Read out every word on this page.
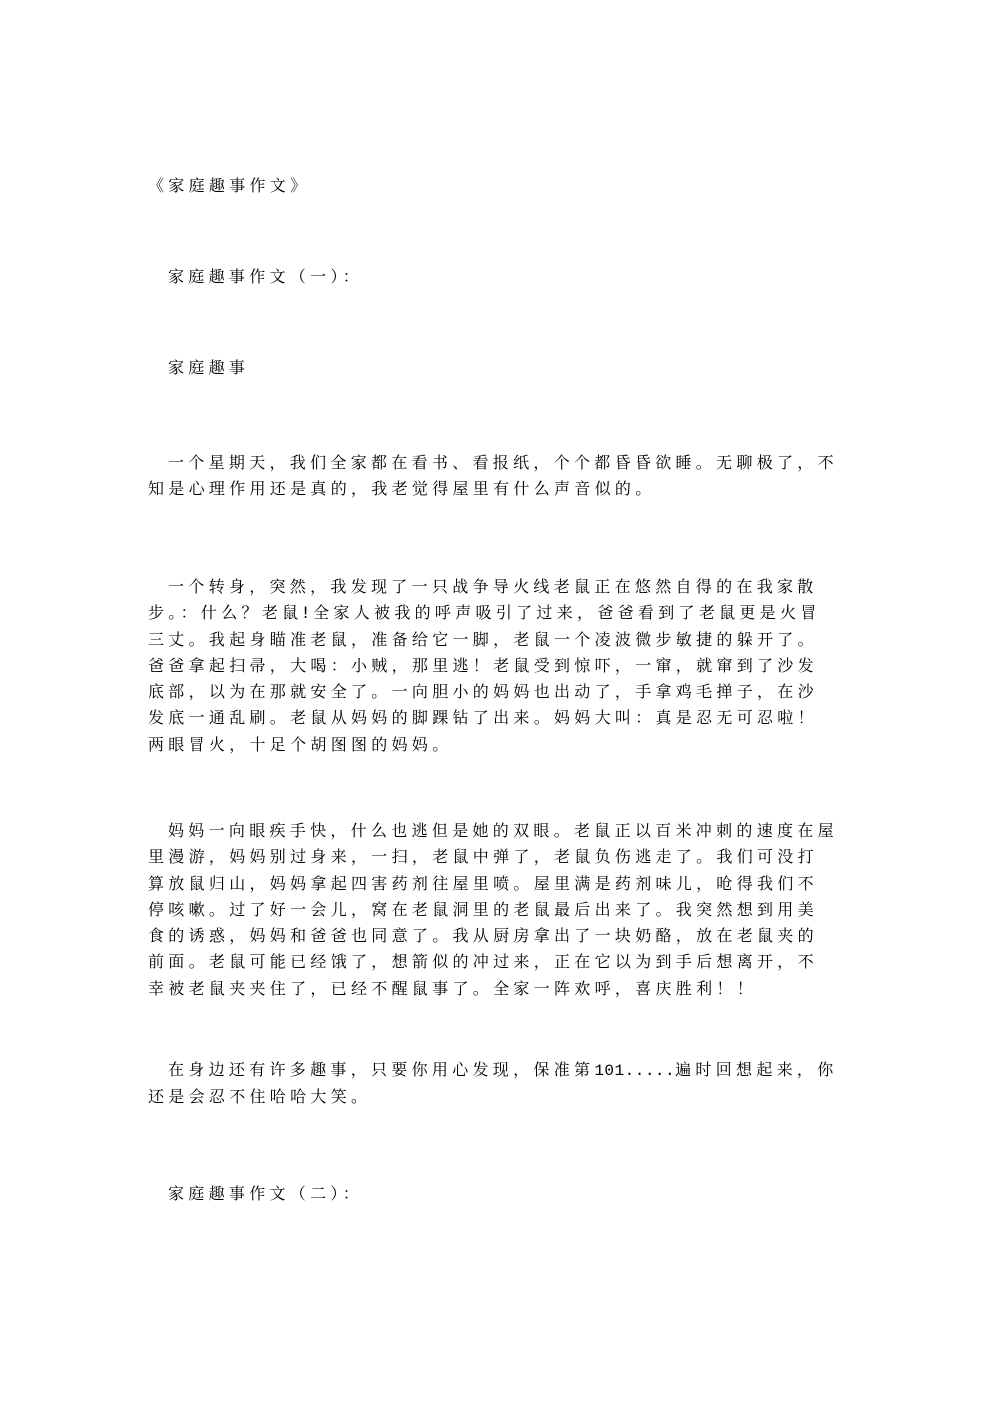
《家庭趣事作文》
家庭趣事作文（一）：
家庭趣事
一个星期天，我们全家都在看书、看报纸，个个都昏昏欲睡。无聊极了，不知是心理作用还是真的，我老觉得屋里有什么声音似的。
一个转身，突然，我发现了一只战争导火线老鼠正在悠然自得的在我家散步。：什么？老鼠!全家人被我的呼声吸引了过来，爸爸看到了老鼠更是火冒三丈。我起身瞄准老鼠，准备给它一脚，老鼠一个凌波微步敏捷的躲开了。爸爸拿起扫帚，大喝：小贼，那里逃！老鼠受到惊吓，一窜，就窜到了沙发底部，以为在那就安全了。一向胆小的妈妈也出动了，手拿鸡毛掸子，在沙发底一通乱刷。老鼠从妈妈的脚踝钻了出来。妈妈大叫：真是忍无可忍啦！两眼冒火，十足个胡图图的妈妈。
妈妈一向眼疾手快，什么也逃但是她的双眼。老鼠正以百米冲刺的速度在屋里漫游，妈妈别过身来，一扫，老鼠中弹了，老鼠负伤逃走了。我们可没打算放鼠归山，妈妈拿起四害药剂往屋里喷。屋里满是药剂味儿，呛得我们不停咳嗽。过了好一会儿，窝在老鼠洞里的老鼠最后出来了。我突然想到用美食的诱惑，妈妈和爸爸也同意了。我从厨房拿出了一块奶酪，放在老鼠夹的前面。老鼠可能已经饿了，想箭似的冲过来，正在它以为到手后想离开，不幸被老鼠夹夹住了，已经不醒鼠事了。全家一阵欢呼，喜庆胜利！！
在身边还有许多趣事，只要你用心发现，保准第101.....遍时回想起来，你还是会忍不住哈哈大笑。
家庭趣事作文（二）：
